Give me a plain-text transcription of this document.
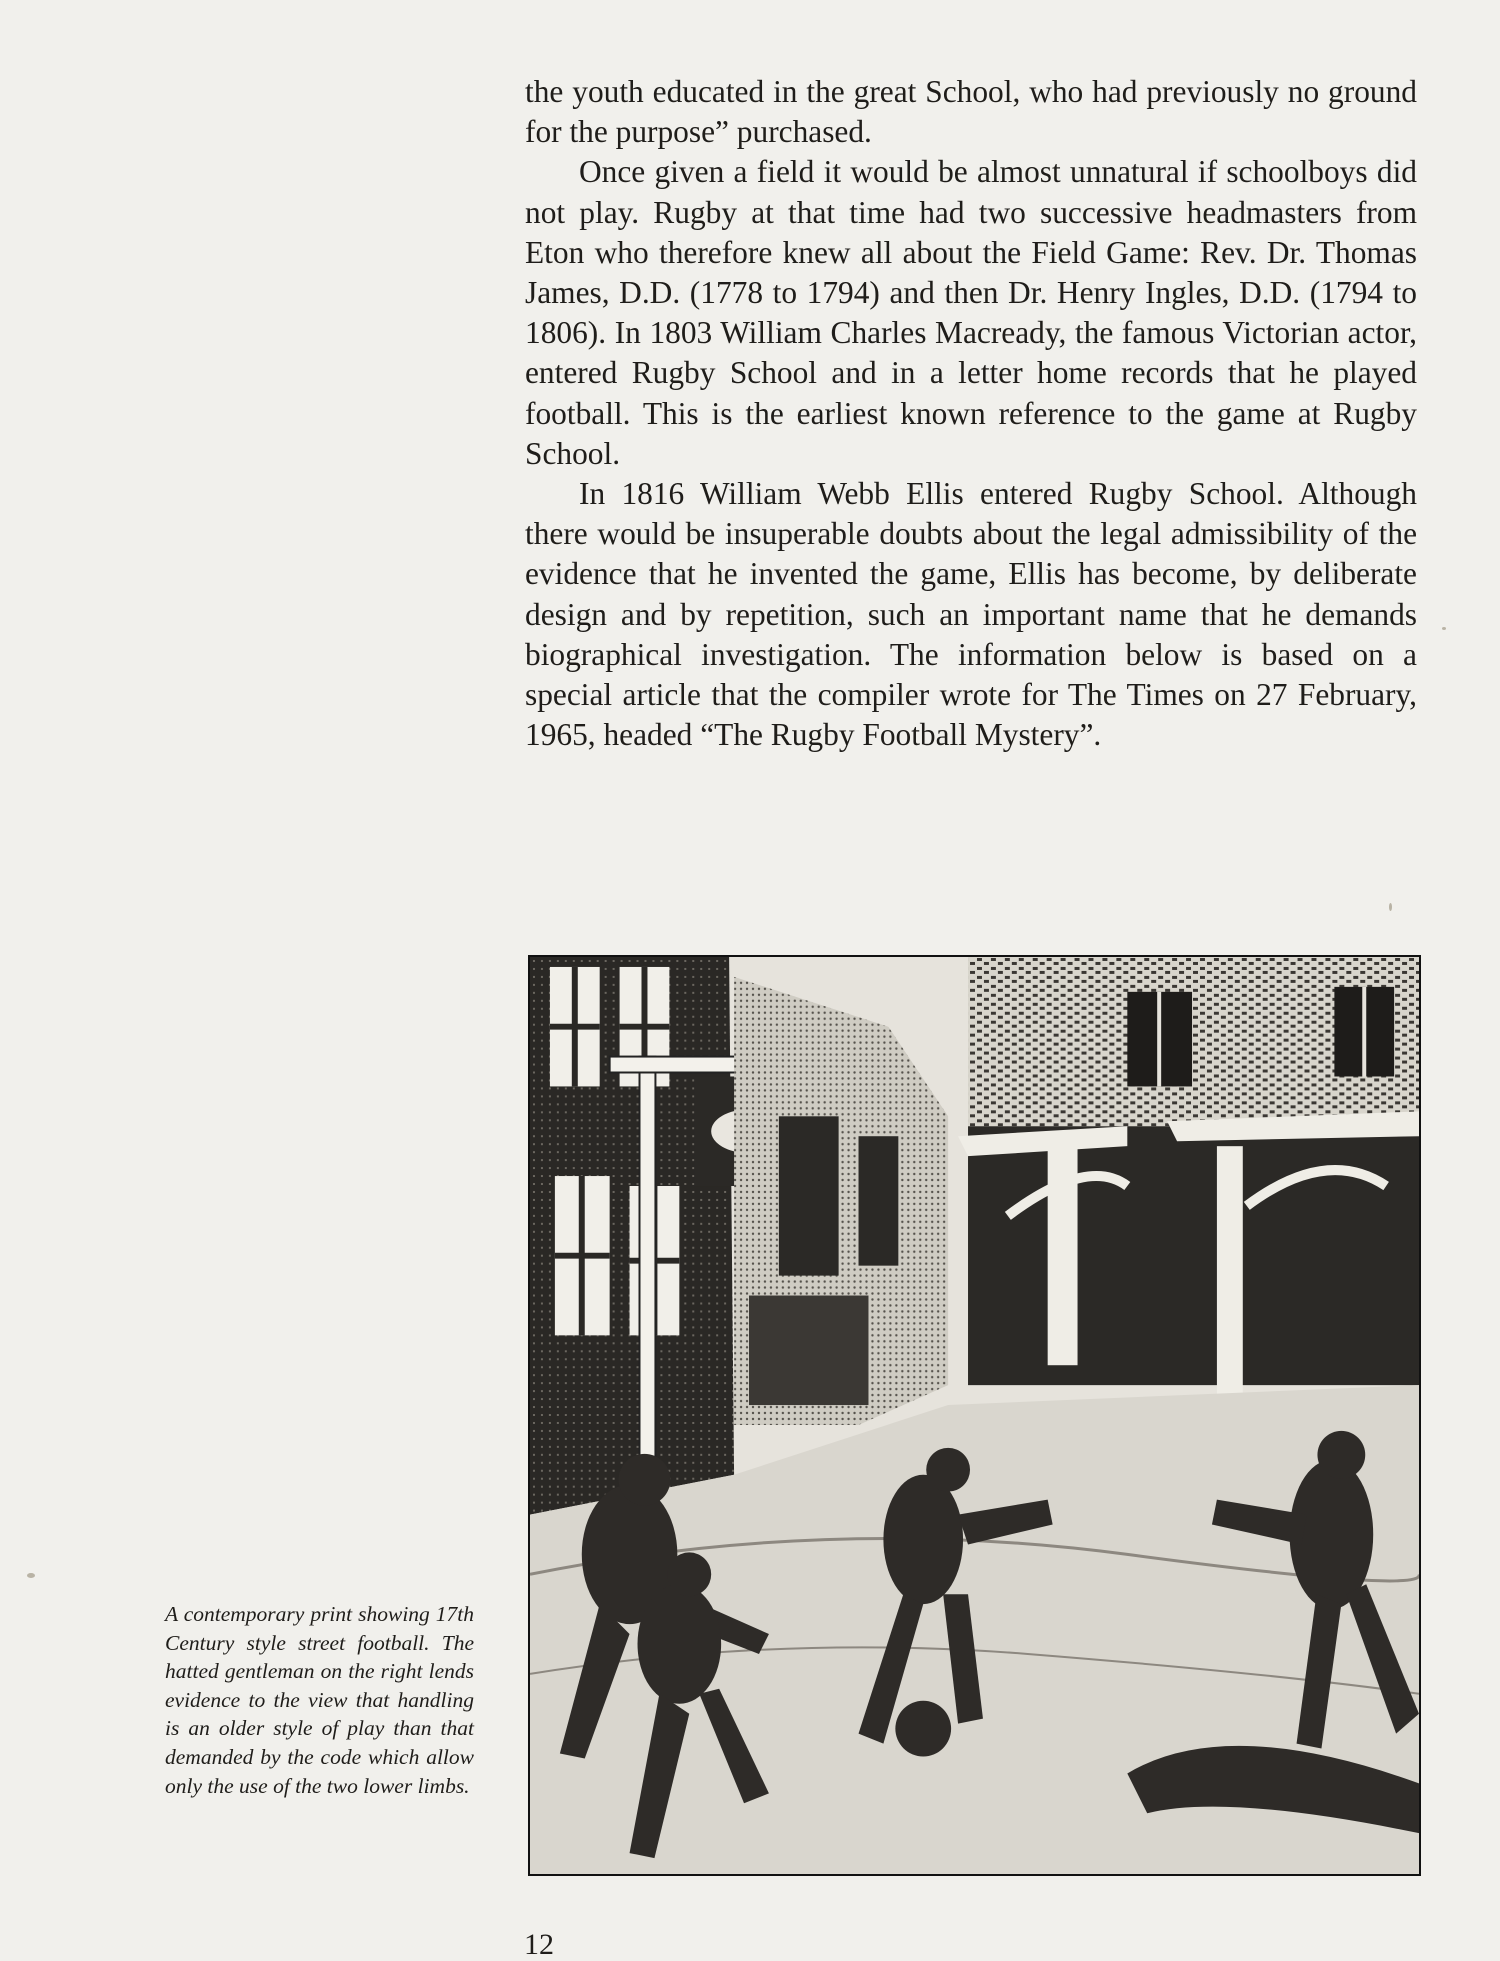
the youth educated in the great School, who had previously no ground for the purpose” purchased.

Once given a field it would be almost unnatural if schoolboys did not play. Rugby at that time had two successive headmasters from Eton who therefore knew all about the Field Game: Rev. Dr. Thomas James, D.D. (1778 to 1794) and then Dr. Henry Ingles, D.D. (1794 to 1806). In 1803 William Charles Macready, the famous Victorian actor, entered Rugby School and in a letter home records that he played football. This is the earliest known reference to the game at Rugby School.

In 1816 William Webb Ellis entered Rugby School. Although there would be insuperable doubts about the legal admissibility of the evidence that he invented the game, Ellis has become, by deliberate design and by repetition, such an important name that he demands biographical investigation. The information below is based on a special article that the compiler wrote for The Times on 27 February, 1965, headed “The Rugby Football Mystery”.

A contemporary print showing 17th Century style street football. The hatted gentleman on the right lends evidence to the view that handling is an older style of play than that demanded by the code which allow only the use of the two lower limbs.
12
